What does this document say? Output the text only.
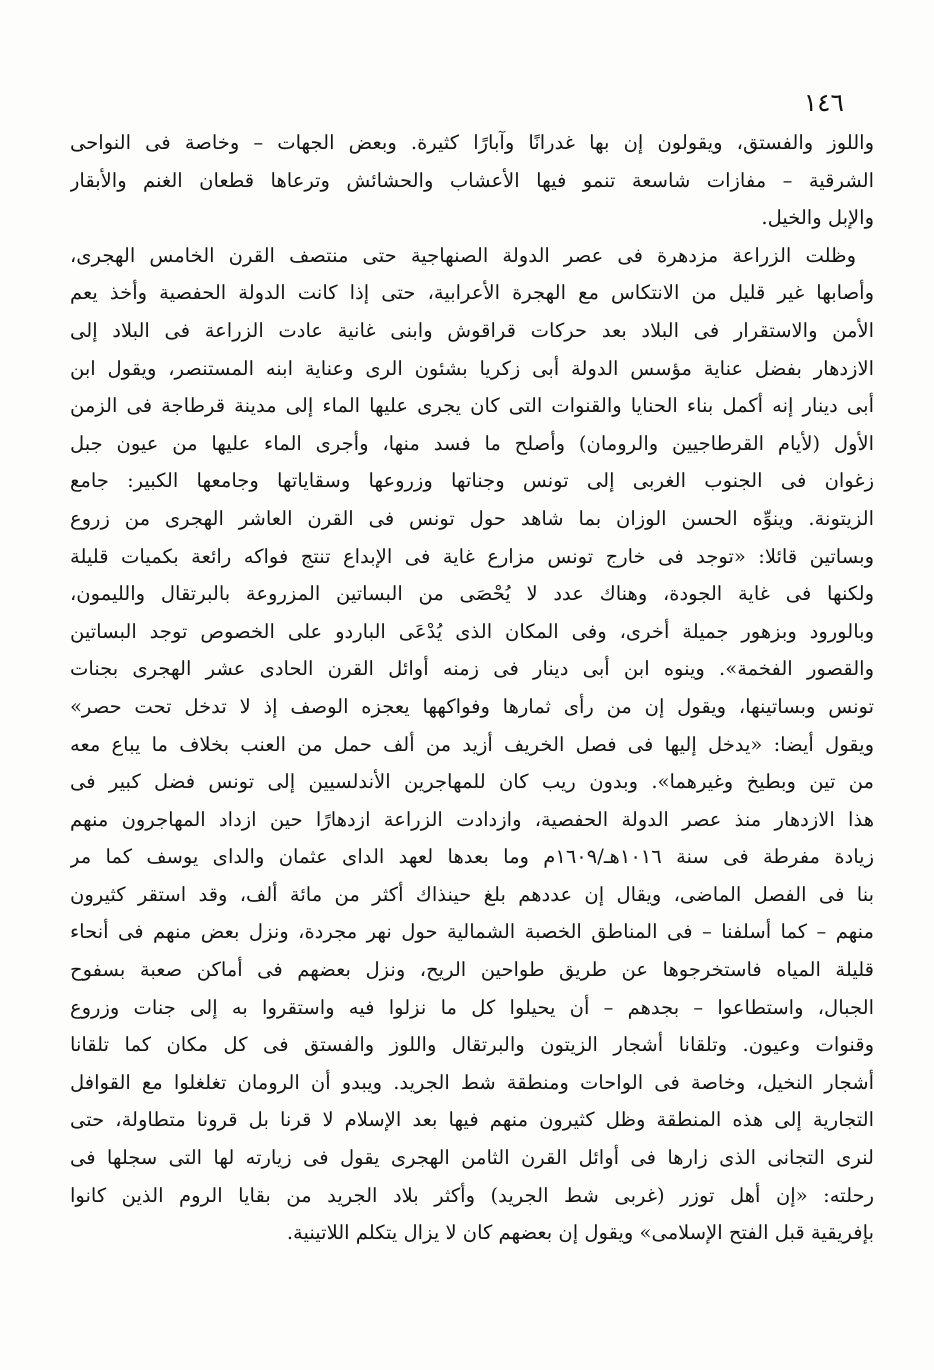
١٤٦
واللوز والفستق، ويقولون إن بها غدرانًا وآبارًا كثيرة. وبعض الجهات – وخاصة فى النواحى
الشرقية – مفازات شاسعة تنمو فيها الأعشاب والحشائش وترعاها قطعان الغنم والأبقار
والإبل والخيل.
وظلت الزراعة مزدهرة فى عصر الدولة الصنهاجية حتى منتصف القرن الخامس الهجرى،
وأصابها غير قليل من الانتكاس مع الهجرة الأعرابية، حتى إذا كانت الدولة الحفصية وأخذ يعم
الأمن والاستقرار فى البلاد بعد حركات قراقوش وابنى غانية عادت الزراعة فى البلاد إلى
الازدهار بفضل عناية مؤسس الدولة أبى زكريا بشئون الرى وعناية ابنه المستنصر، ويقول ابن
أبى دينار إنه أكمل بناء الحنايا والقنوات التى كان يجرى عليها الماء إلى مدينة قرطاجة فى الزمن
الأول (لأيام القرطاجيين والرومان) وأصلح ما فسد منها، وأجرى الماء عليها من عيون جبل
زغوان فى الجنوب الغربى إلى تونس وجناتها وزروعها وسقاياتها وجامعها الكبير: جامع
الزيتونة. وينوِّه الحسن الوزان بما شاهد حول تونس فى القرن العاشر الهجرى من زروع
وبساتين قائلا: «توجد فى خارج تونس مزارع غاية فى الإبداع تنتج فواكه رائعة بكميات قليلة
ولكنها فى غاية الجودة، وهناك عدد لا يُحْصَى من البساتين المزروعة بالبرتقال والليمون،
وبالورود وبزهور جميلة أخرى، وفى المكان الذى يُدْعَى الباردو على الخصوص توجد البساتين
والقصور الفخمة». وينوه ابن أبى دينار فى زمنه أوائل القرن الحادى عشر الهجرى بجنات
تونس وبساتينها، ويقول إن من رأى ثمارها وفواكهها يعجزه الوصف إذ لا تدخل تحت حصر»
ويقول أيضا: «يدخل إليها فى فصل الخريف أزيد من ألف حمل من العنب بخلاف ما يباع معه
من تين وبطيخ وغيرهما». وبدون ريب كان للمهاجرين الأندلسيين إلى تونس فضل كبير فى
هذا الازدهار منذ عصر الدولة الحفصية، وازدادت الزراعة ازدهارًا حين ازداد المهاجرون منهم
زيادة مفرطة فى سنة ١٠١٦هـ/١٦٠٩م وما بعدها لعهد الداى عثمان والداى يوسف كما مر
بنا فى الفصل الماضى، ويقال إن عددهم بلغ حينذاك أكثر من مائة ألف، وقد استقر كثيرون
منهم – كما أسلفنا – فى المناطق الخصبة الشمالية حول نهر مجردة، ونزل بعض منهم فى أنحاء
قليلة المياه فاستخرجوها عن طريق طواحين الريح، ونزل بعضهم فى أماكن صعبة بسفوح
الجبال، واستطاعوا – بجدهم – أن يحيلوا كل ما نزلوا فيه واستقروا به إلى جنات وزروع
وقنوات وعيون. وتلقانا أشجار الزيتون والبرتقال واللوز والفستق فى كل مكان كما تلقانا
أشجار النخيل، وخاصة فى الواحات ومنطقة شط الجريد. ويبدو أن الرومان تغلغلوا مع القوافل
التجارية إلى هذه المنطقة وظل كثيرون منهم فيها بعد الإسلام لا قرنا بل قرونا متطاولة، حتى
لنرى التجانى الذى زارها فى أوائل القرن الثامن الهجرى يقول فى زيارته لها التى سجلها فى
رحلته: «إن أهل توزر (غربى شط الجريد) وأكثر بلاد الجريد من بقايا الروم الذين كانوا
بإفريقية قبل الفتح الإسلامى» ويقول إن بعضهم كان لا يزال يتكلم اللاتينية.
